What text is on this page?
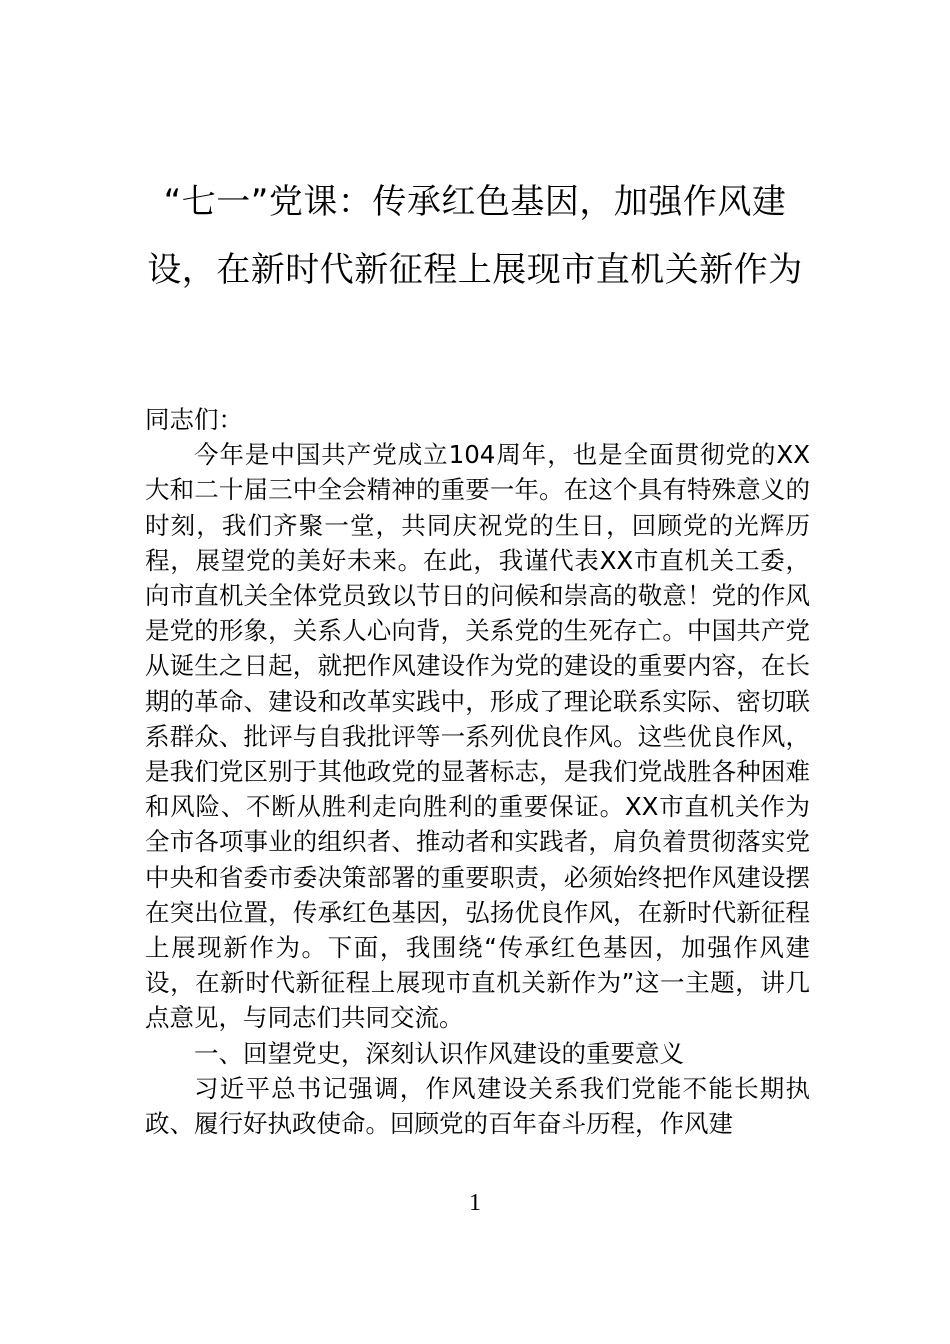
“七一”党课：传承红色基因，加强作风建设，在新时代新征程上展现市直机关新作为

同志们：

今年是中国共产党成立104周年，也是全面贯彻党的XX大和二十届三中全会精神的重要一年。在这个具有特殊意义的时刻，我们齐聚一堂，共同庆祝党的生日，回顾党的光辉历程，展望党的美好未来。在此，我谨代表XX市直机关工委，向市直机关全体党员致以节日的问候和崇高的敬意！党的作风是党的形象，关系人心向背，关系党的生死存亡。中国共产党从诞生之日起，就把作风建设作为党的建设的重要内容，在长期的革命、建设和改革实践中，形成了理论联系实际、密切联系群众、批评与自我批评等一系列优良作风。这些优良作风，是我们党区别于其他政党的显著标志，是我们党战胜各种困难和风险、不断从胜利走向胜利的重要保证。XX市直机关作为全市各项事业的组织者、推动者和实践者，肩负着贯彻落实党中央和省委市委决策部署的重要职责，必须始终把作风建设摆在突出位置，传承红色基因，弘扬优良作风，在新时代新征程上展现新作为。下面，我围绕“传承红色基因，加强作风建设，在新时代新征程上展现市直机关新作为”这一主题，讲几点意见，与同志们共同交流。

一、回望党史，深刻认识作风建设的重要意义

习近平总书记强调，作风建设关系我们党能不能长期执政、履行好执政使命。回顾党的百年奋斗历程，作风建

1
